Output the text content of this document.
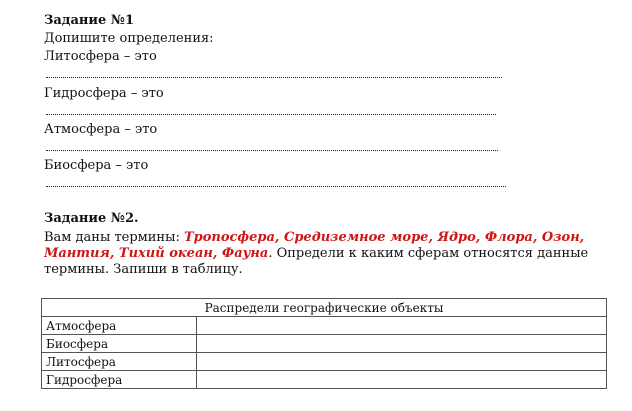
Задание №1
Допишите определения:
Литосфера – это
Гидросфера – это
Атмосфера – это
Биосфера – это
Задание №2.
Вам даны термины: Тропосфера, Средиземное море, Ядро, Флора, Озон, Мантия, Тихий океан, Фауна. Определи к каким сферам относятся данные термины. Запиши в таблицу.
Распредели географические объекты	
Атмосфера	
Биосфера	
Литосфера	
Гидросфера	
